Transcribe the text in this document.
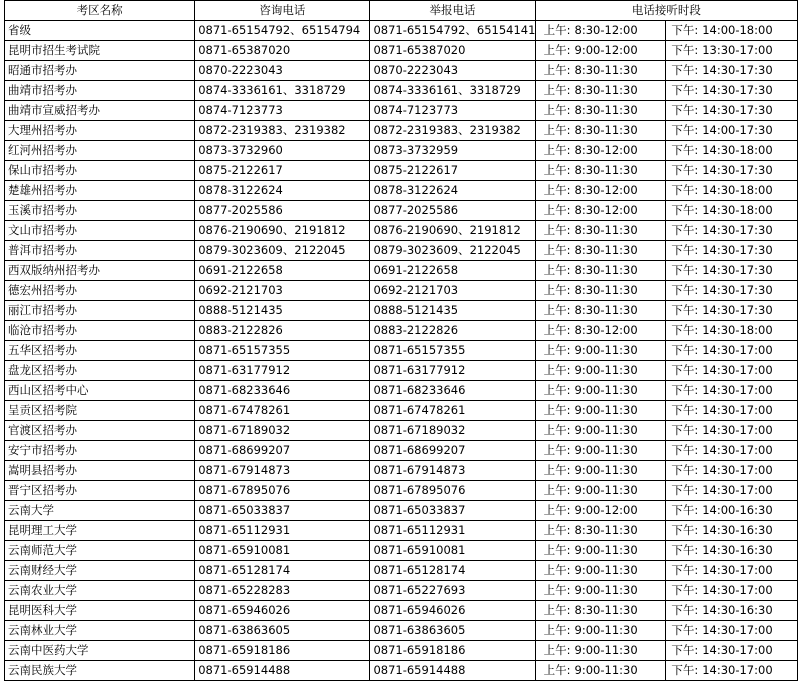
考区名称	咨询电话	举报电话	电话接听时段
省级	0871-65154792、65154794	0871-65154792、65154141	上午: 8:30-12:00 下午: 14:00-18:00

昆明市招生考试院	0871-65387020	0871-65387020	上午: 9:00-12:00 下午: 13:30-17:00

昭通市招考办	0870-2223043	0870-2223043	上午: 8:30-11:30 下午: 14:30-17:30

曲靖市招考办	0874-3336161、3318729	0874-3336161、3318729	上午: 8:30-11:30 下午: 14:30-17:30

曲靖市宣威招考办	0874-7123773	0874-7123773	上午: 8:30-11:30 下午: 14:30-17:30

大理州招考办	0872-2319383、2319382	0872-2319383、2319382	上午: 8:30-11:30 下午: 14:00-17:30

红河州招考办	0873-3732960	0873-3732959	上午: 8:30-12:00 下午: 14:30-18:00

保山市招考办	0875-2122617	0875-2122617	上午: 8:30-11:30 下午: 14:30-17:30

楚雄州招考办	0878-3122624	0878-3122624	上午: 8:30-12:00 下午: 14:30-18:00

玉溪市招考办	0877-2025586	0877-2025586	上午: 8:30-12:00 下午: 14:30-18:00

文山市招考办	0876-2190690、2191812	0876-2190690、2191812	上午: 8:30-11:30 下午: 14:30-17:30

普洱市招考办	0879-3023609、2122045	0879-3023609、2122045	上午: 8:30-11:30 下午: 14:30-17:30

西双版纳州招考办	0691-2122658	0691-2122658	上午: 8:30-11:30 下午: 14:30-17:30

德宏州招考办	0692-2121703	0692-2121703	上午: 8:30-11:30 下午: 14:30-17:30

丽江市招考办	0888-5121435	0888-5121435	上午: 8:30-11:30 下午: 14:30-17:30

临沧市招考办	0883-2122826	0883-2122826	上午: 8:30-12:00 下午: 14:30-18:00

五华区招考办	0871-65157355	0871-65157355	上午: 9:00-11:30 下午: 14:30-17:00

盘龙区招考办	0871-63177912	0871-63177912	上午: 9:00-11:30 下午: 14:30-17:00

西山区招考中心	0871-68233646	0871-68233646	上午: 9:00-11:30 下午: 14:30-17:00

呈贡区招考院	0871-67478261	0871-67478261	上午: 9:00-11:30 下午: 14:30-17:00

官渡区招考办	0871-67189032	0871-67189032	上午: 9:00-11:30 下午: 14:30-17:00

安宁市招考办	0871-68699207	0871-68699207	上午: 9:00-11:30 下午: 14:30-17:00

嵩明县招考办	0871-67914873	0871-67914873	上午: 9:00-11:30 下午: 14:30-17:00

晋宁区招考办	0871-67895076	0871-67895076	上午: 9:00-11:30 下午: 14:30-17:00

云南大学	0871-65033837	0871-65033837	上午: 9:00-12:00 下午: 14:00-16:30

昆明理工大学	0871-65112931	0871-65112931	上午: 8:30-11:30 下午: 14:30-16:30

云南师范大学	0871-65910081	0871-65910081	上午: 9:00-11:30 下午: 14:30-16:30

云南财经大学	0871-65128174	0871-65128174	上午: 9:00-11:30 下午: 14:30-17:00

云南农业大学	0871-65228283	0871-65227693	上午: 9:00-11:30 下午: 14:30-17:00

昆明医科大学	0871-65946026	0871-65946026	上午: 8:30-11:30 下午: 14:30-16:30

云南林业大学	0871-63863605	0871-63863605	上午: 9:00-11:30 下午: 14:30-17:00

云南中医药大学	0871-65918186	0871-65918186	上午: 9:00-11:30 下午: 14:30-17:00

云南民族大学	0871-65914488	0871-65914488	上午: 9:00-11:30 下午: 14:30-17:00
